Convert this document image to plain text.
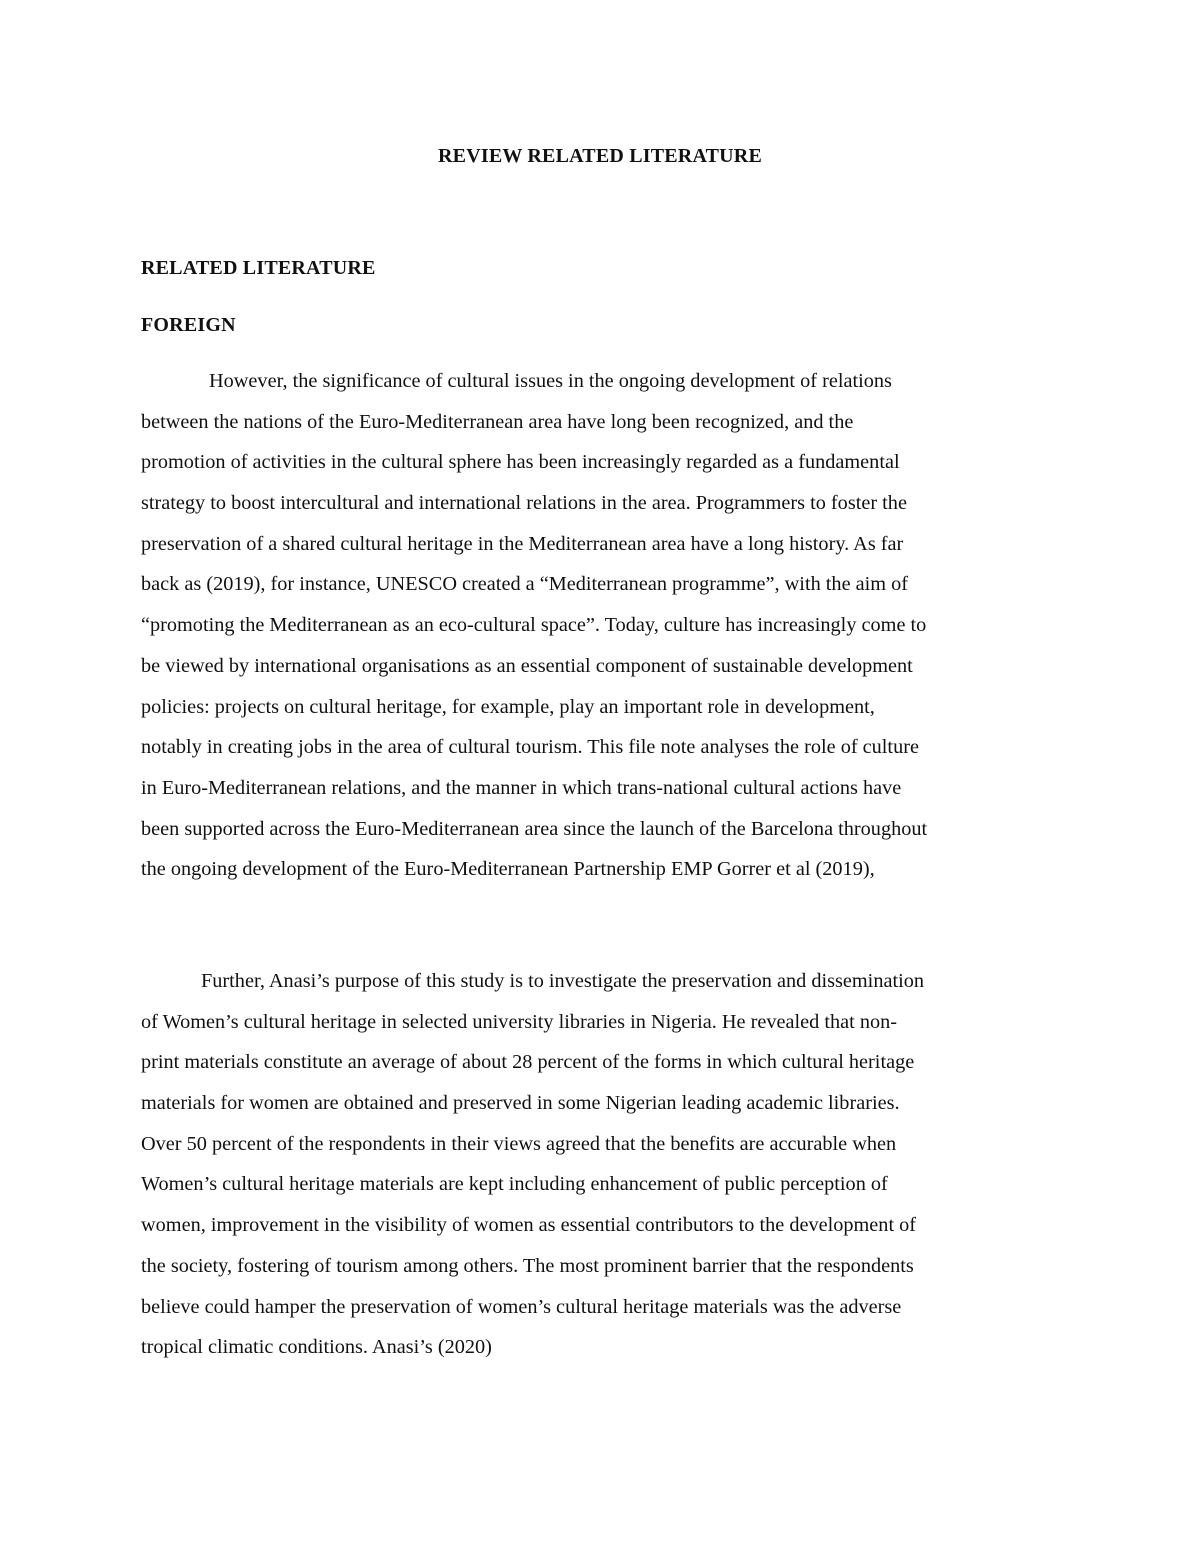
REVIEW RELATED LITERATURE
RELATED LITERATURE
FOREIGN

However, the significance of cultural issues in the ongoing development of relations
between the nations of the Euro-Mediterranean area have long been recognized, and the
promotion of activities in the cultural sphere has been increasingly regarded as a fundamental
strategy to boost intercultural and international relations in the area. Programmers to foster the
preservation of a shared cultural heritage in the Mediterranean area have a long history. As far
back as (2019), for instance, UNESCO created a “Mediterranean programme”, with the aim of
“promoting the Mediterranean as an eco-cultural space”. Today, culture has increasingly come to
be viewed by international organisations as an essential component of sustainable development
policies: projects on cultural heritage, for example, play an important role in development,
notably in creating jobs in the area of cultural tourism. This file note analyses the role of culture
in Euro-Mediterranean relations, and the manner in which trans-national cultural actions have
been supported across the Euro-Mediterranean area since the launch of the Barcelona throughout
the ongoing development of the Euro-Mediterranean Partnership EMP Gorrer et al (2019),

Further, Anasi’s purpose of this study is to investigate the preservation and dissemination
of Women’s cultural heritage in selected university libraries in Nigeria. He revealed that non-
print materials constitute an average of about 28 percent of the forms in which cultural heritage
materials for women are obtained and preserved in some Nigerian leading academic libraries.
Over 50 percent of the respondents in their views agreed that the benefits are accurable when
Women’s cultural heritage materials are kept including enhancement of public perception of
women, improvement in the visibility of women as essential contributors to the development of
the society, fostering of tourism among others. The most prominent barrier that the respondents
believe could hamper the preservation of women’s cultural heritage materials was the adverse
tropical climatic conditions. Anasi’s (2020)
